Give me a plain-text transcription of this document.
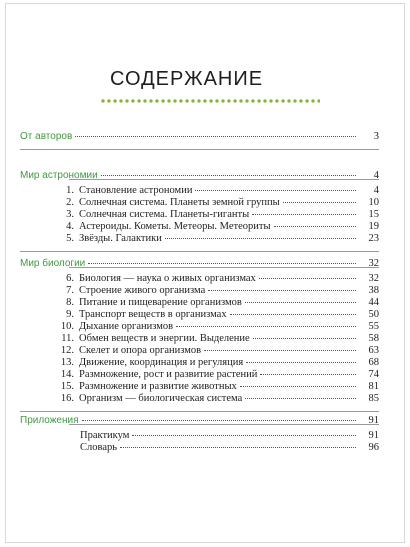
СОДЕРЖАНИЕ
От авторов	3
Мир астрономии	4
1. Становление астрономии	4
2. Солнечная система. Планеты земной группы	10
3. Солнечная система. Планеты-гиганты	15
4. Астероиды. Кометы. Метеоры. Метеориты	19
5. Звёзды. Галактики	23
Мир биологии	32
6. Биология — наука о живых организмах	32
7. Строение живого организма	38
8. Питание и пищеварение организмов	44
9. Транспорт веществ в организмах	50
10. Дыхание организмов	55
11. Обмен веществ и энергии. Выделение	58
12. Скелет и опора организмов	63
13. Движение, координация и регуляция	68
14. Размножение, рост и развитие растений	74
15. Размножение и развитие животных	81
16. Организм — биологическая система	85
Приложения	91
Практикум	91
Словарь	96
